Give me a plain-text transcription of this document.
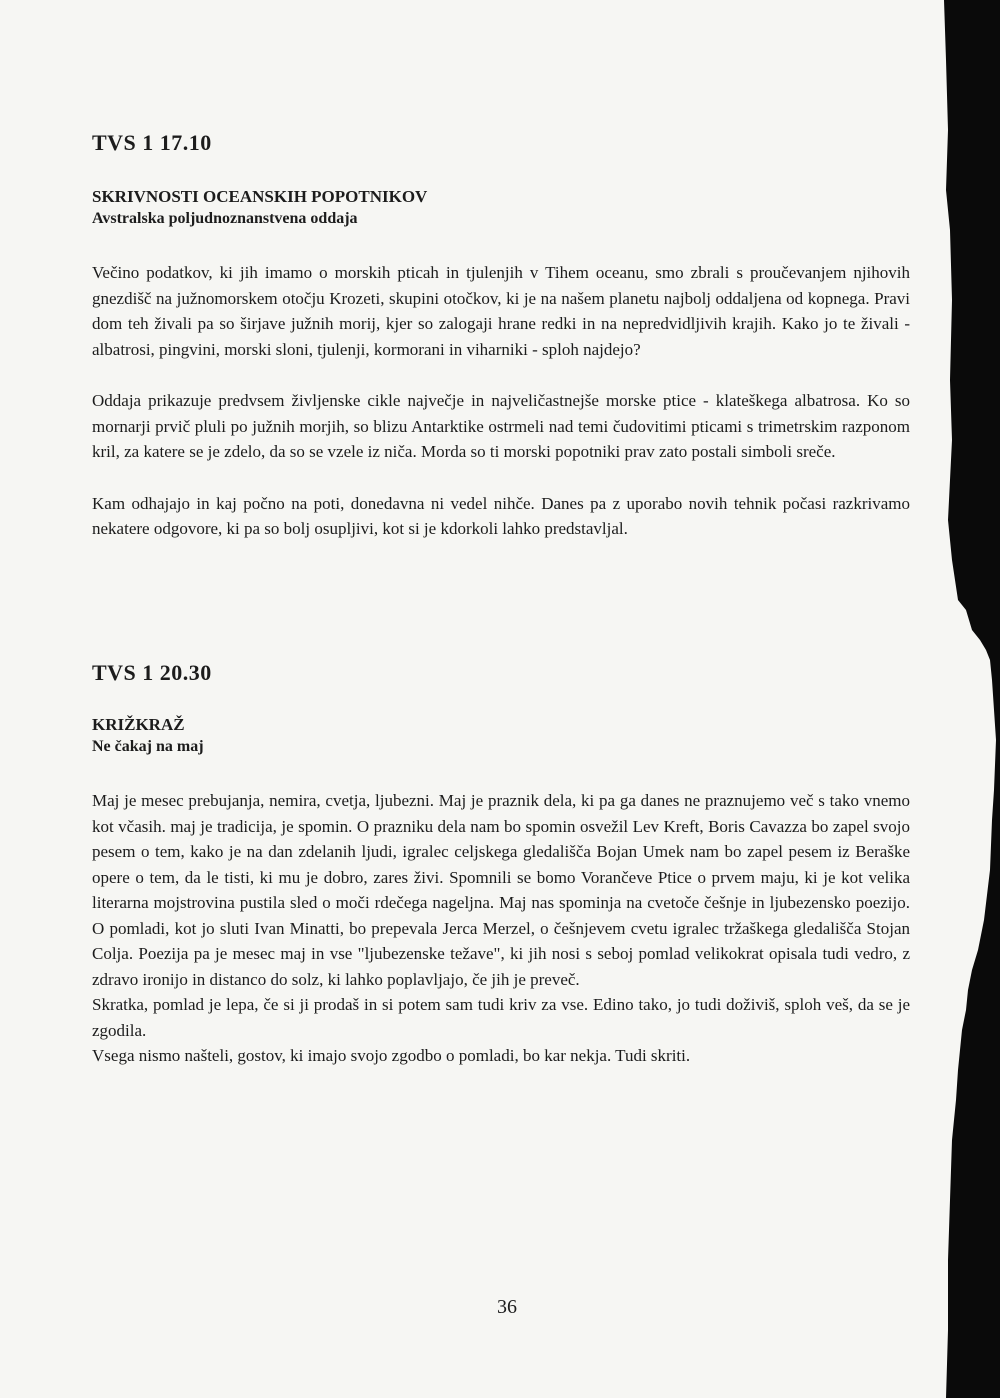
TVS 1 17.10

SKRIVNOSTI OCEANSKIH POPOTNIKOV

Avstralska poljudnoznanstvena oddaja

Večino podatkov, ki jih imamo o morskih pticah in tjulenjih v Tihem oceanu, smo zbrali s proučevanjem njihovih gnezdišč na južnomorskem otočju Krozeti, skupini otočkov, ki je na našem planetu najbolj oddaljena od kopnega. Pravi dom teh živali pa so širjave južnih morij, kjer so zalogaji hrane redki in na nepredvidljivih krajih. Kako jo te živali - albatrosi, pingvini, morski sloni, tjulenji, kormorani in viharniki - sploh najdejo?

Oddaja prikazuje predvsem življenske cikle največje in najveličastnejše morske ptice - klateškega albatrosa. Ko so mornarji prvič pluli po južnih morjih, so blizu Antarktike ostrmeli nad temi čudovitimi pticami s trimetrskim razponom kril, za katere se je zdelo, da so se vzele iz niča. Morda so ti morski popotniki prav zato postali simboli sreče.

Kam odhajajo in kaj počno na poti, donedavna ni vedel nihče. Danes pa z uporabo novih tehnik počasi razkrivamo nekatere odgovore, ki pa so bolj osupljivi, kot si je kdorkoli lahko predstavljal.

TVS 1 20.30

KRIŽKRAŽ

Ne čakaj na maj

Maj je mesec prebujanja, nemira, cvetja, ljubezni. Maj je praznik dela, ki pa ga danes ne praznujemo več s tako vnemo kot včasih. maj je tradicija, je spomin. O prazniku dela nam bo spomin osvežil Lev Kreft, Boris Cavazza bo zapel svojo pesem o tem, kako je na dan zdelanih ljudi, igralec celjskega gledališča Bojan Umek nam bo zapel pesem iz Beraške opere o tem, da le tisti, ki mu je dobro, zares živi. Spomnili se bomo Vorančeve Ptice o prvem maju, ki je kot velika literarna mojstrovina pustila sled o moči rdečega nageljna. Maj nas spominja na cvetoče češnje in ljubezensko poezijo. O pomladi, kot jo sluti Ivan Minatti, bo prepevala Jerca Merzel, o češnjevem cvetu igralec tržaškega gledališča Stojan Colja. Poezija pa je mesec maj in vse "ljubezenske težave", ki jih nosi s seboj pomlad velikokrat opisala tudi vedro, z zdravo ironijo in distanco do solz, ki lahko poplavljajo, če jih je preveč.

Skratka, pomlad je lepa, če si ji prodaš in si potem sam tudi kriv za vse. Edino tako, jo tudi doživiš, sploh veš, da se je zgodila.

Vsega nismo našteli, gostov, ki imajo svojo zgodbo o pomladi, bo kar nekja. Tudi skriti.

36
